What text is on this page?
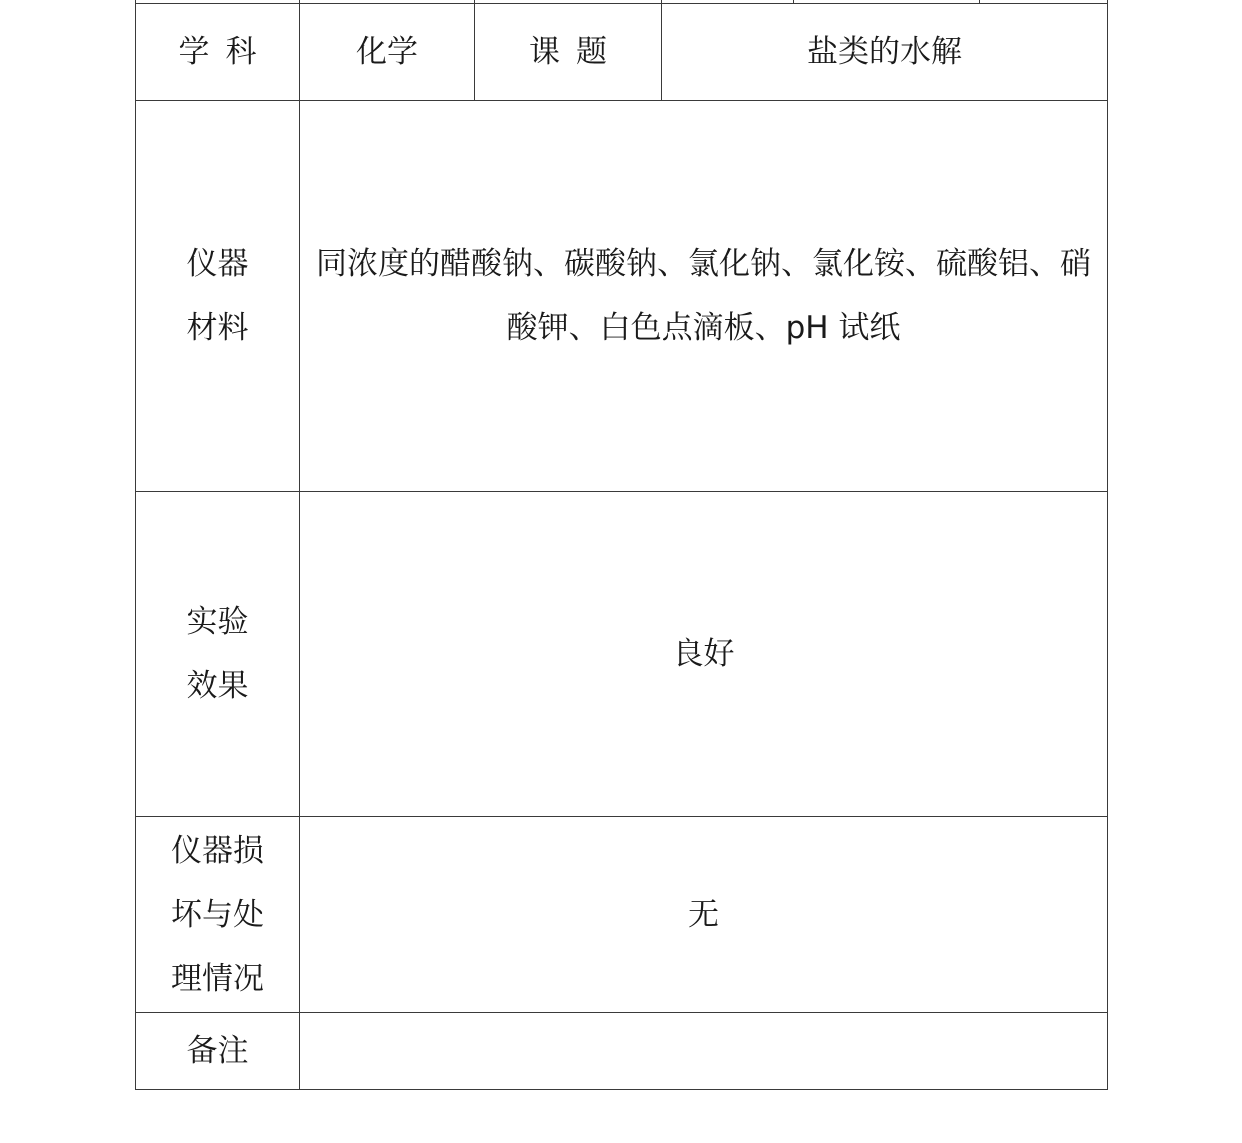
学科	化学	课题	盐类的水解		
仪器
材料	同浓度的醋酸钠、碳酸钠、氯化钠、氯化铵、硫酸铝、硝酸钾、白色点滴板、pH 试纸				
实验
效果	良好				
仪器损
坏与处
理情况	无				
备注					
